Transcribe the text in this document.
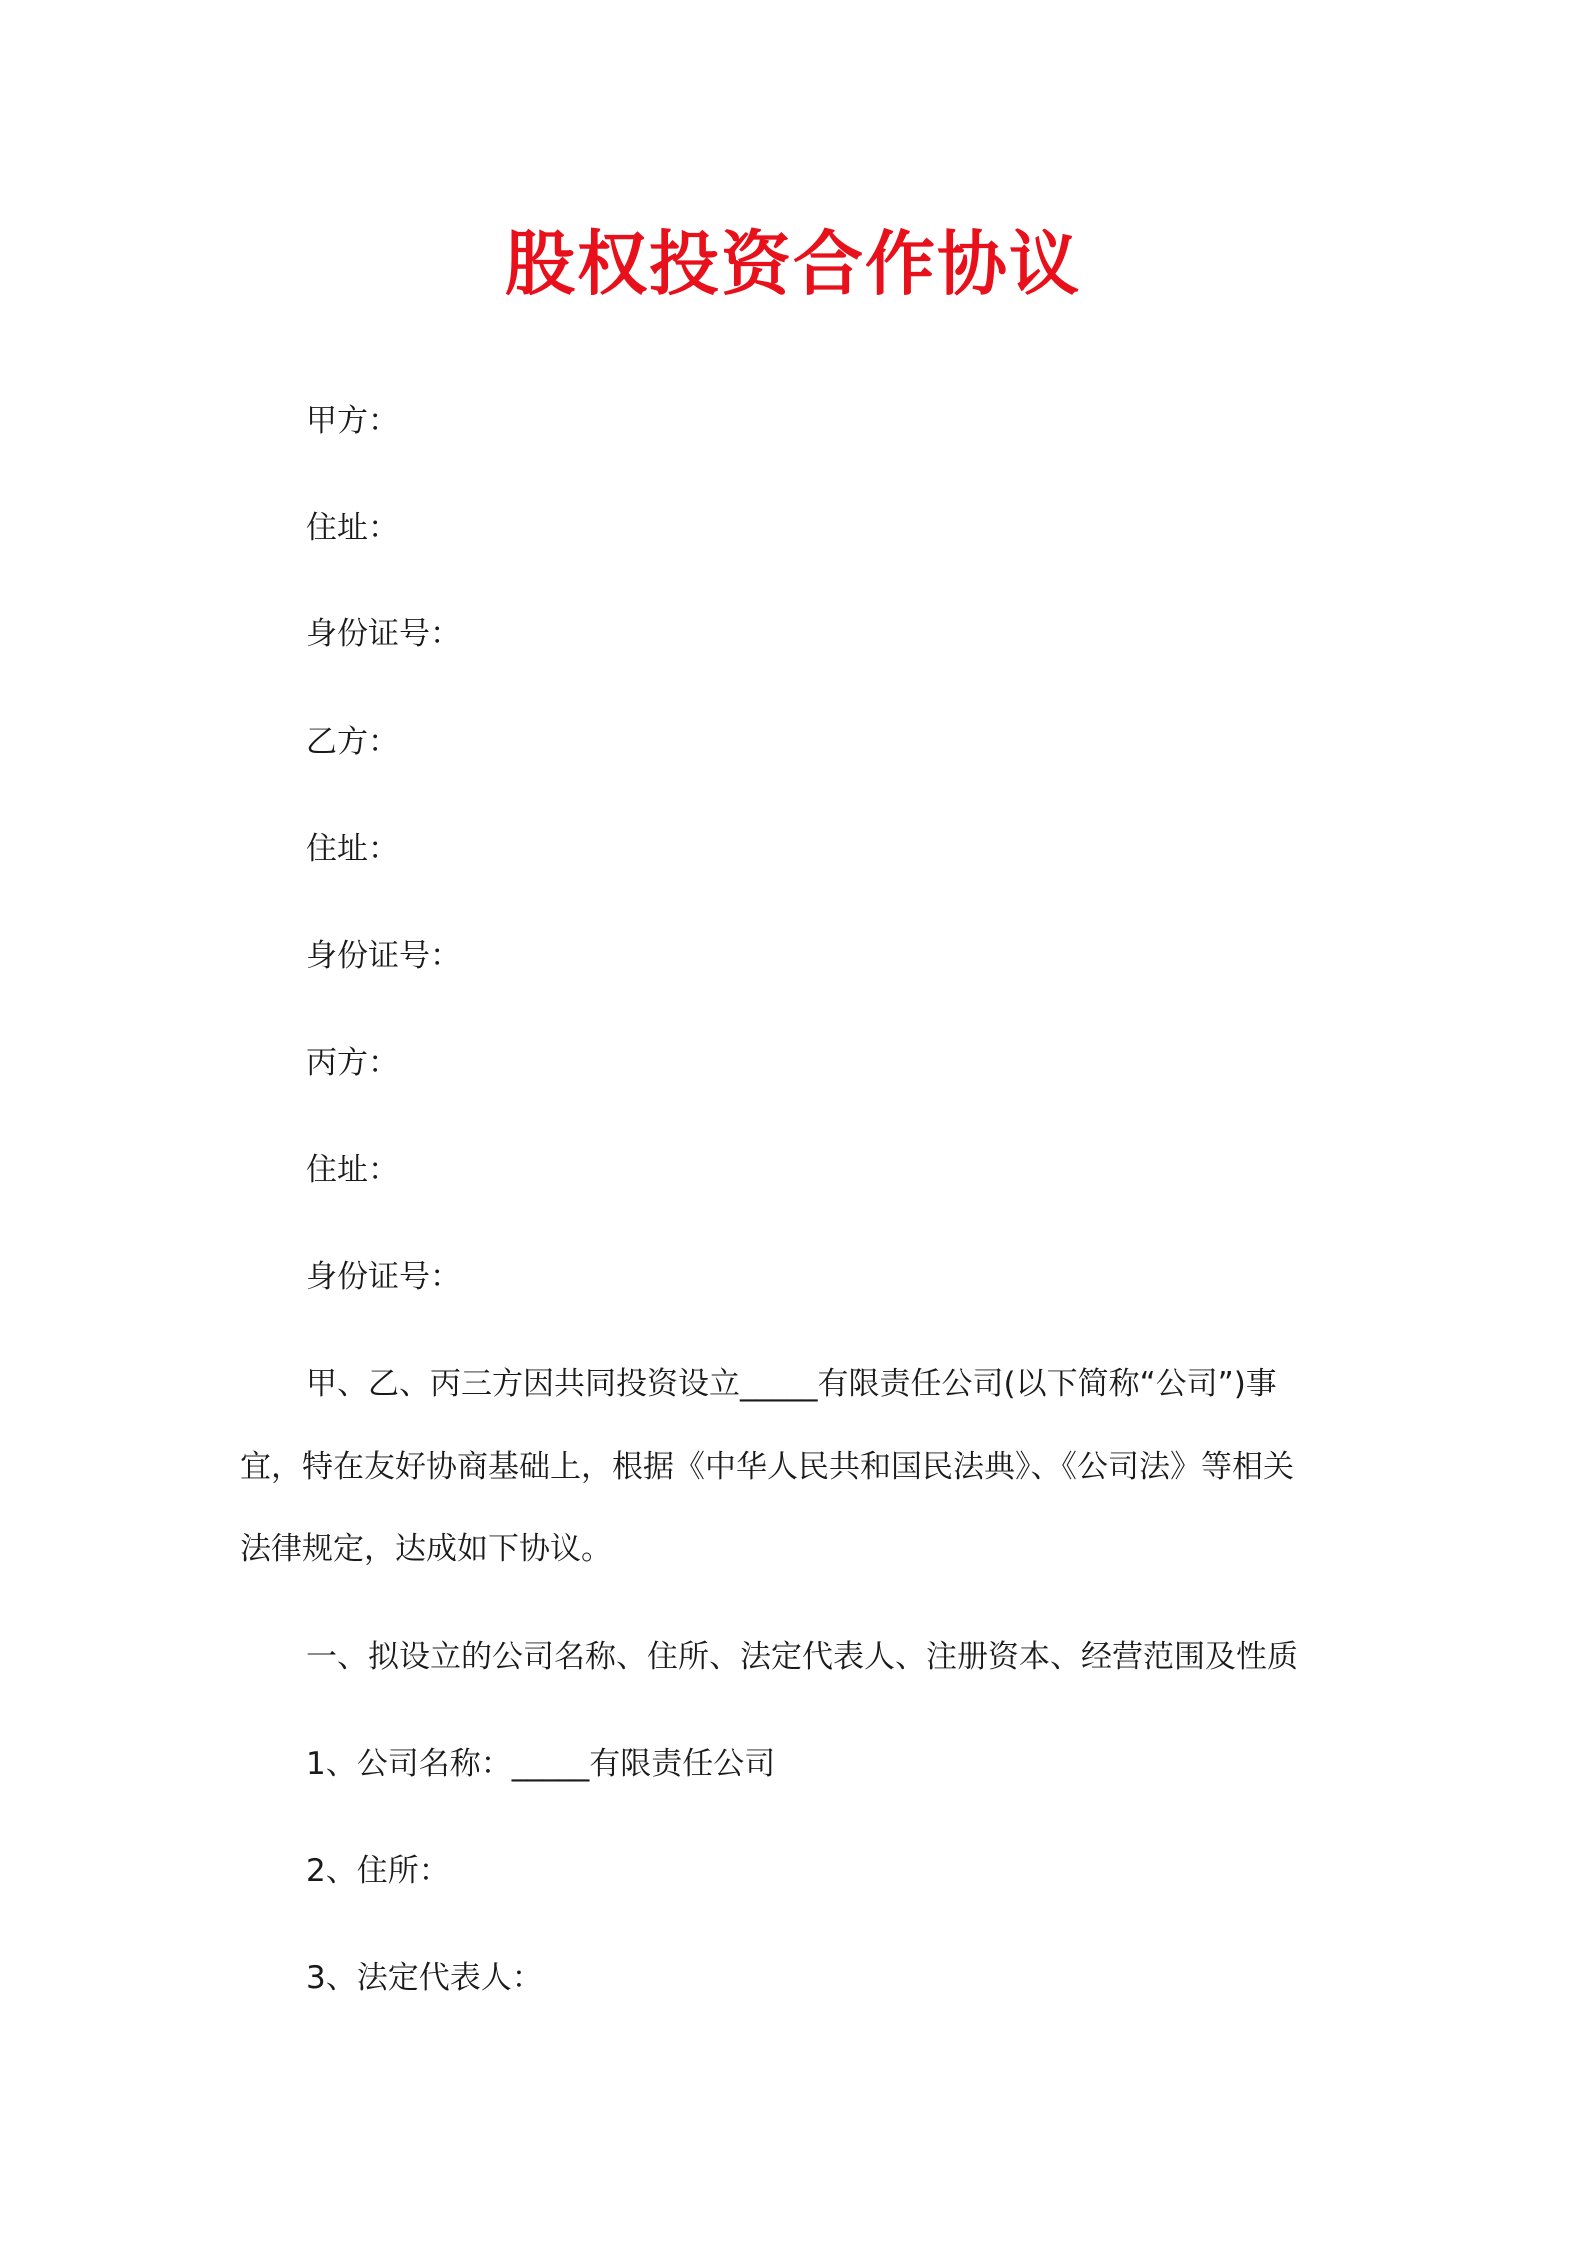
股权投资合作协议
甲方：
住址：
身份证号：
乙方：
住址：
身份证号：
丙方：
住址：
身份证号：
甲、乙、丙三方因共同投资设立_____有限责任公司(以下简称“公司”)事
宜，特在友好协商基础上，根据《中华人民共和国民法典》、《公司法》等相关
法律规定，达成如下协议。
一、拟设立的公司名称、住所、法定代表人、注册资本、经营范围及性质
1、公司名称：_____有限责任公司
2、住所：
3、法定代表人：
